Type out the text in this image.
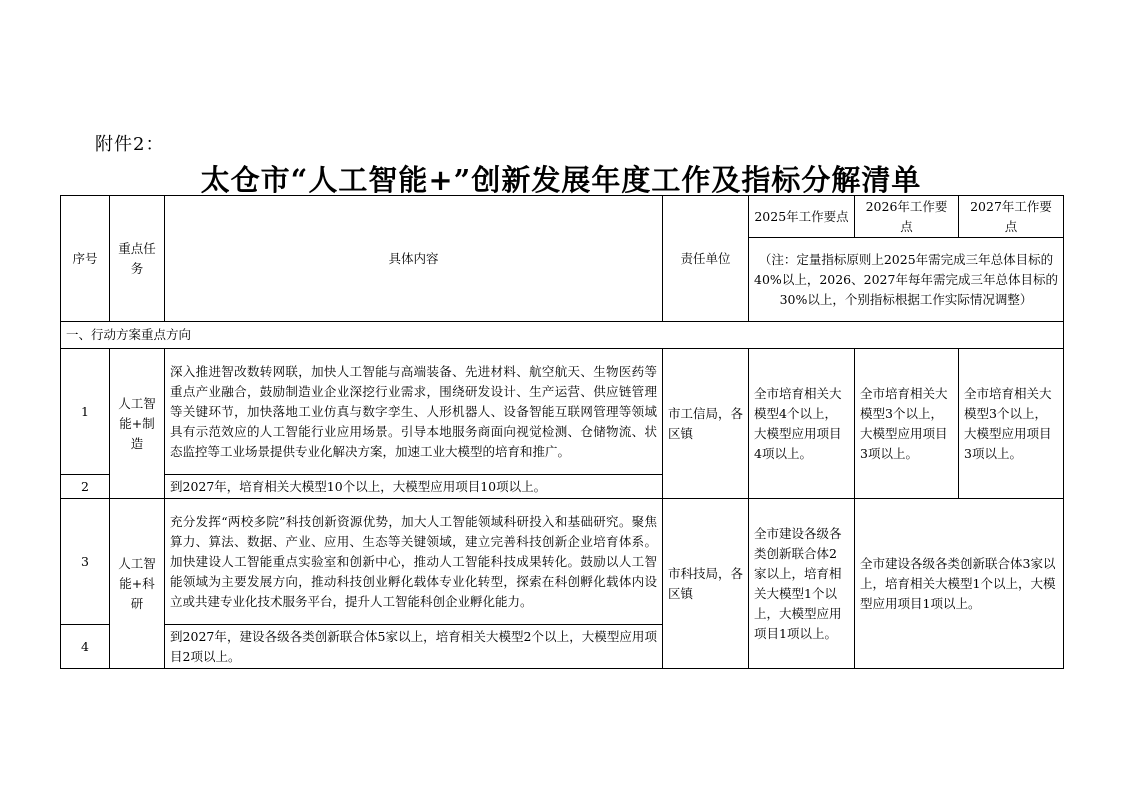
附件2：
太仓市“人工智能+”创新发展年度工作及指标分解清单
序号	重点任务	具体内容	责任单位	2025年工作要点	2026年工作要点	2027年工作要点
				（注：定量指标原则上2025年需完成三年总体目标的40%以上，2026、2027年每年需完成三年总体目标的30%以上，个别指标根据工作实际情况调整）		
一、行动方案重点方向						
1	人工智能+制造	深入推进智改数转网联，加快人工智能与高端装备、先进材料、航空航天、生物医药等重点产业融合，鼓励制造业企业深挖行业需求，围绕研发设计、生产运营、供应链管理等关键环节，加快落地工业仿真与数字孪生、人形机器人、设备智能互联网管理等领域具有示范效应的人工智能行业应用场景。引导本地服务商面向视觉检测、仓储物流、状态监控等工业场景提供专业化解决方案，加速工业大模型的培育和推广。	市工信局，各区镇	全市培育相关大模型4个以上，大模型应用项目4项以上。	全市培育相关大模型3个以上，大模型应用项目3项以上。	全市培育相关大模型3个以上，大模型应用项目3项以上。
2		到2027年，培育相关大模型10个以上，大模型应用项目10项以上。				
3	人工智能+科研	充分发挥“两校多院”科技创新资源优势，加大人工智能领域科研投入和基础研究。聚焦算力、算法、数据、产业、应用、生态等关键领域，建立完善科技创新企业培育体系。加快建设人工智能重点实验室和创新中心，推动人工智能科技成果转化。鼓励以人工智能领域为主要发展方向，推动科技创业孵化载体专业化转型，探索在科创孵化载体内设立或共建专业化技术服务平台，提升人工智能科创企业孵化能力。	市科技局，各区镇	全市建设各级各类创新联合体2家以上，培育相关大模型1个以上，大模型应用项目1项以上。	全市建设各级各类创新联合体3家以上，培育相关大模型1个以上，大模型应用项目1项以上。	
4		到2027年，建设各级各类创新联合体5家以上，培育相关大模型2个以上，大模型应用项目2项以上。				
